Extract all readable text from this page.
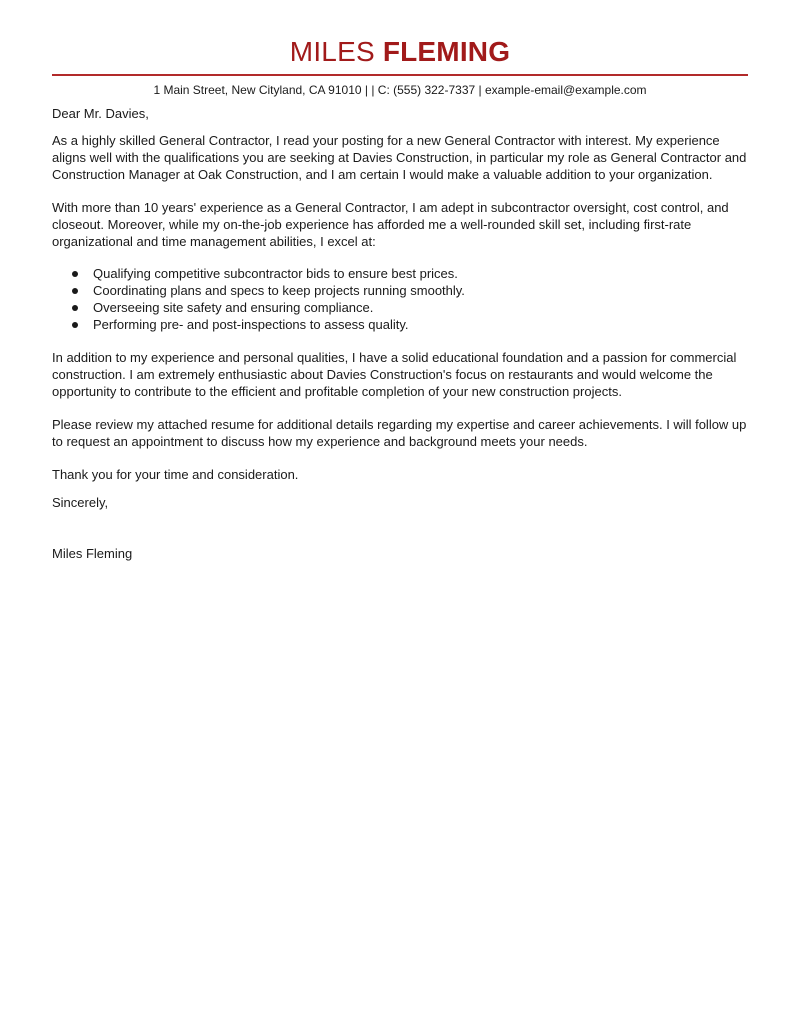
MILES FLEMING
1 Main Street, New Cityland, CA 91010 | | C: (555) 322-7337 | example-email@example.com

Dear Mr. Davies,

As a highly skilled General Contractor, I read your posting for a new General Contractor with interest. My experience aligns well with the qualifications you are seeking at Davies Construction, in particular my role as General Contractor and Construction Manager at Oak Construction, and I am certain I would make a valuable addition to your organization.

With more than 10 years' experience as a General Contractor, I am adept in subcontractor oversight, cost control, and closeout. Moreover, while my on-the-job experience has afforded me a well-rounded skill set, including first-rate organizational and time management abilities, I excel at:

Qualifying competitive subcontractor bids to ensure best prices.
Coordinating plans and specs to keep projects running smoothly.
Overseeing site safety and ensuring compliance.
Performing pre- and post-inspections to assess quality.

In addition to my experience and personal qualities, I have a solid educational foundation and a passion for commercial construction. I am extremely enthusiastic about Davies Construction's focus on restaurants and would welcome the opportunity to contribute to the efficient and profitable completion of your new construction projects.

Please review my attached resume for additional details regarding my expertise and career achievements. I will follow up to request an appointment to discuss how my experience and background meets your needs.

Thank you for your time and consideration.

Sincerely,

Miles Fleming
